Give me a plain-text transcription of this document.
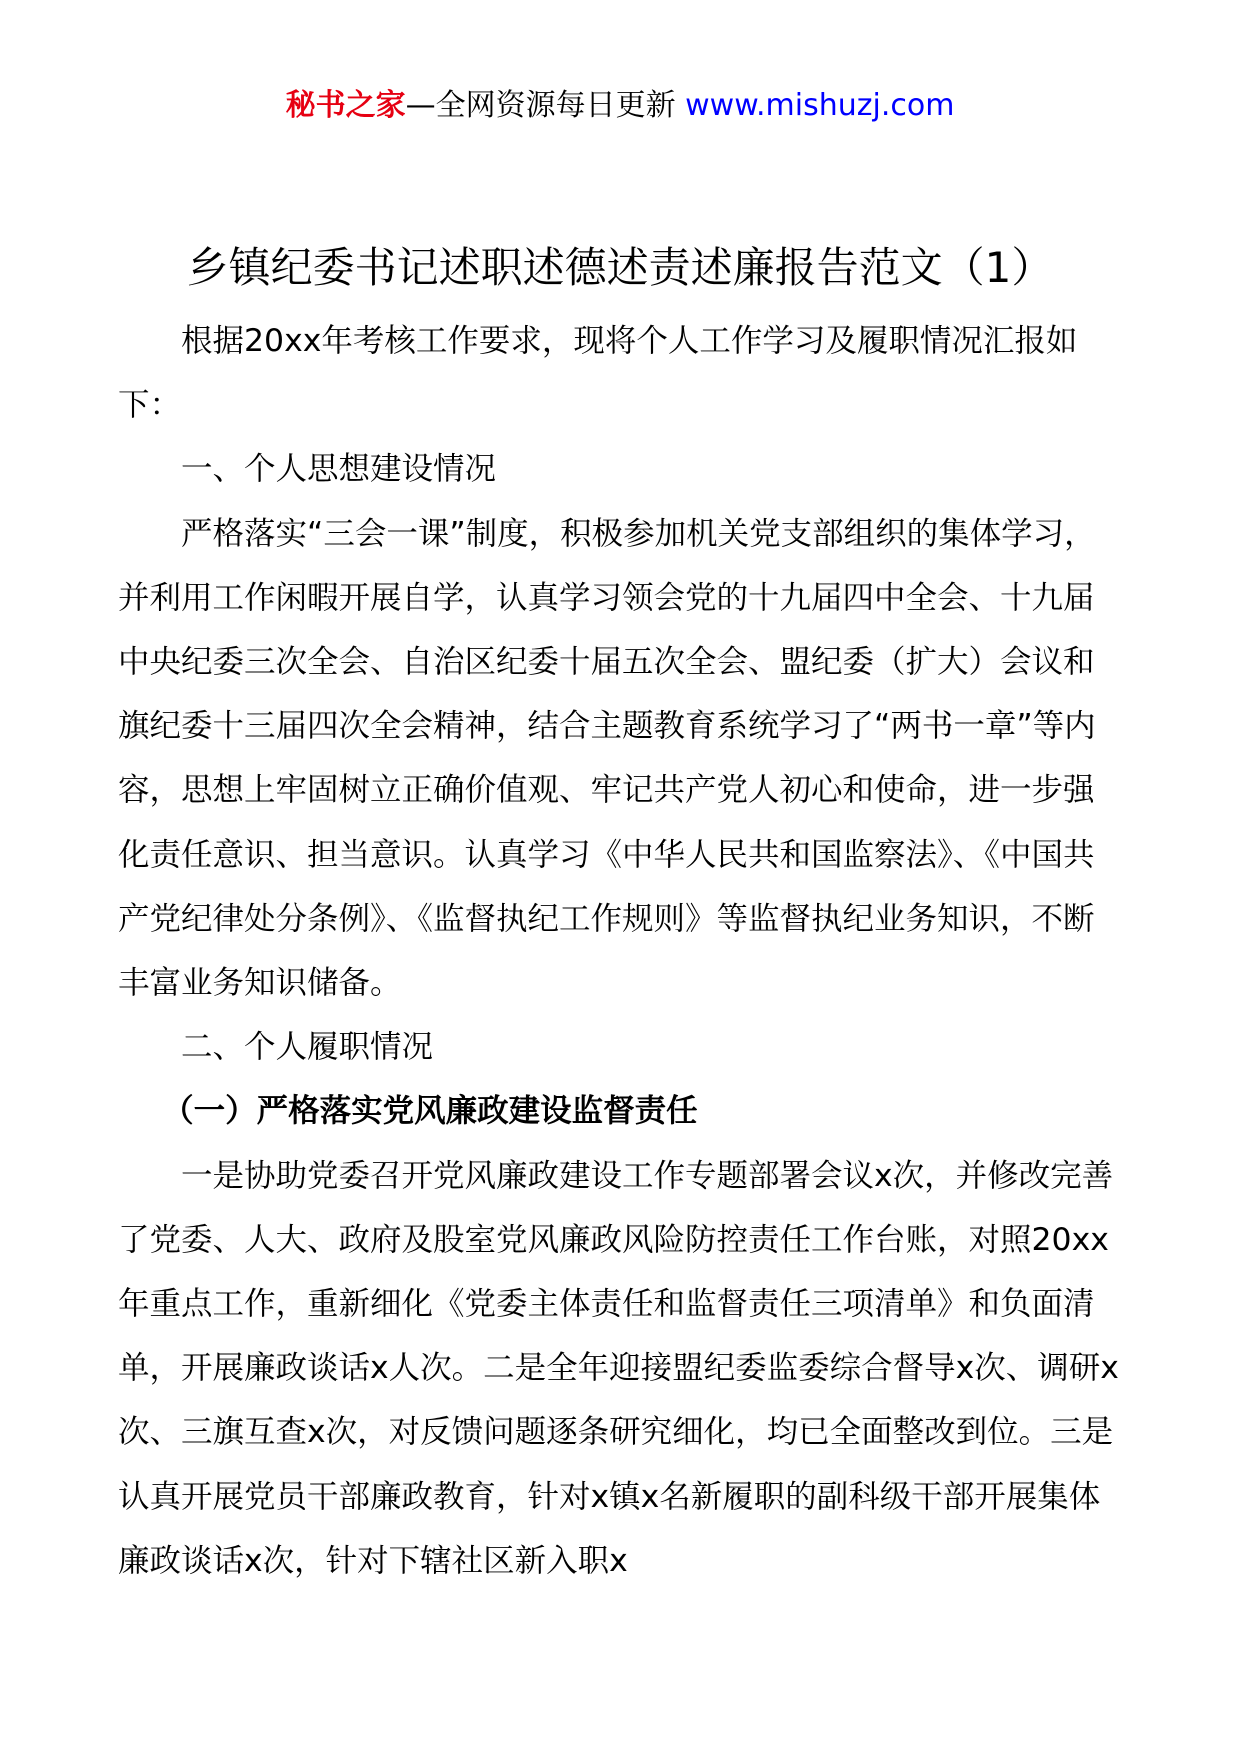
秘书之家—全网资源每日更新 www.mishuzj.com
乡镇纪委书记述职述德述责述廉报告范文（1）

根据20xx年考核工作要求，现将个人工作学习及履职情况汇报如下：

一、个人思想建设情况

严格落实“三会一课”制度，积极参加机关党支部组织的集体学习，并利用工作闲暇开展自学，认真学习领会党的十九届四中全会、十九届中央纪委三次全会、自治区纪委十届五次全会、盟纪委（扩大）会议和旗纪委十三届四次全会精神，结合主题教育系统学习了“两书一章”等内容，思想上牢固树立正确价值观、牢记共产党人初心和使命，进一步强化责任意识、担当意识。认真学习《中华人民共和国监察法》、《中国共产党纪律处分条例》、《监督执纪工作规则》等监督执纪业务知识，不断丰富业务知识储备。

二、个人履职情况

（一）严格落实党风廉政建设监督责任

一是协助党委召开党风廉政建设工作专题部署会议x次，并修改完善了党委、人大、政府及股室党风廉政风险防控责任工作台账，对照20xx年重点工作，重新细化《党委主体责任和监督责任三项清单》和负面清单，开展廉政谈话x人次。二是全年迎接盟纪委监委综合督导x次、调研x次、三旗互查x次，对反馈问题逐条研究细化，均已全面整改到位。三是认真开展党员干部廉政教育，针对x镇x名新履职的副科级干部开展集体廉政谈话x次，针对下辖社区新入职x
